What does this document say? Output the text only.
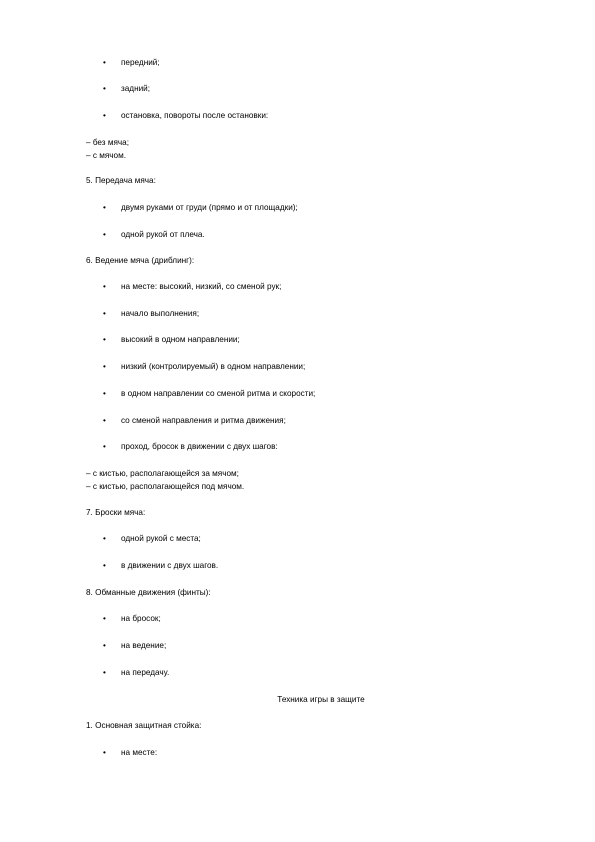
•	передний;
•	задний;
•	остановка, повороты после остановки:
– без мяча;
– с мячом.
5. Передача мяча:
•	двумя руками от груди (прямо и от площадки);
•	одной рукой от плеча.
6. Ведение мяча (дриблинг):
•	на месте: высокий, низкий, со сменой рук;
•	начало выполнения;
•	высокий в одном направлении;
•	низкий (контролируемый) в одном направлении;
•	в одном направлении со сменой ритма и скорости;
•	со сменой направления и ритма движения;
•	проход, бросок в движении с двух шагов:
– с кистью, располагающейся за мячом;
– с кистью, располагающейся под мячом.
7. Броски мяча:
•	одной рукой с места;
•	в движении с двух шагов.
8. Обманные движения (финты):
•	на бросок;
•	на ведение;
•	на передачу.
Техника игры в защите
1. Основная защитная стойка:
•	на месте:
